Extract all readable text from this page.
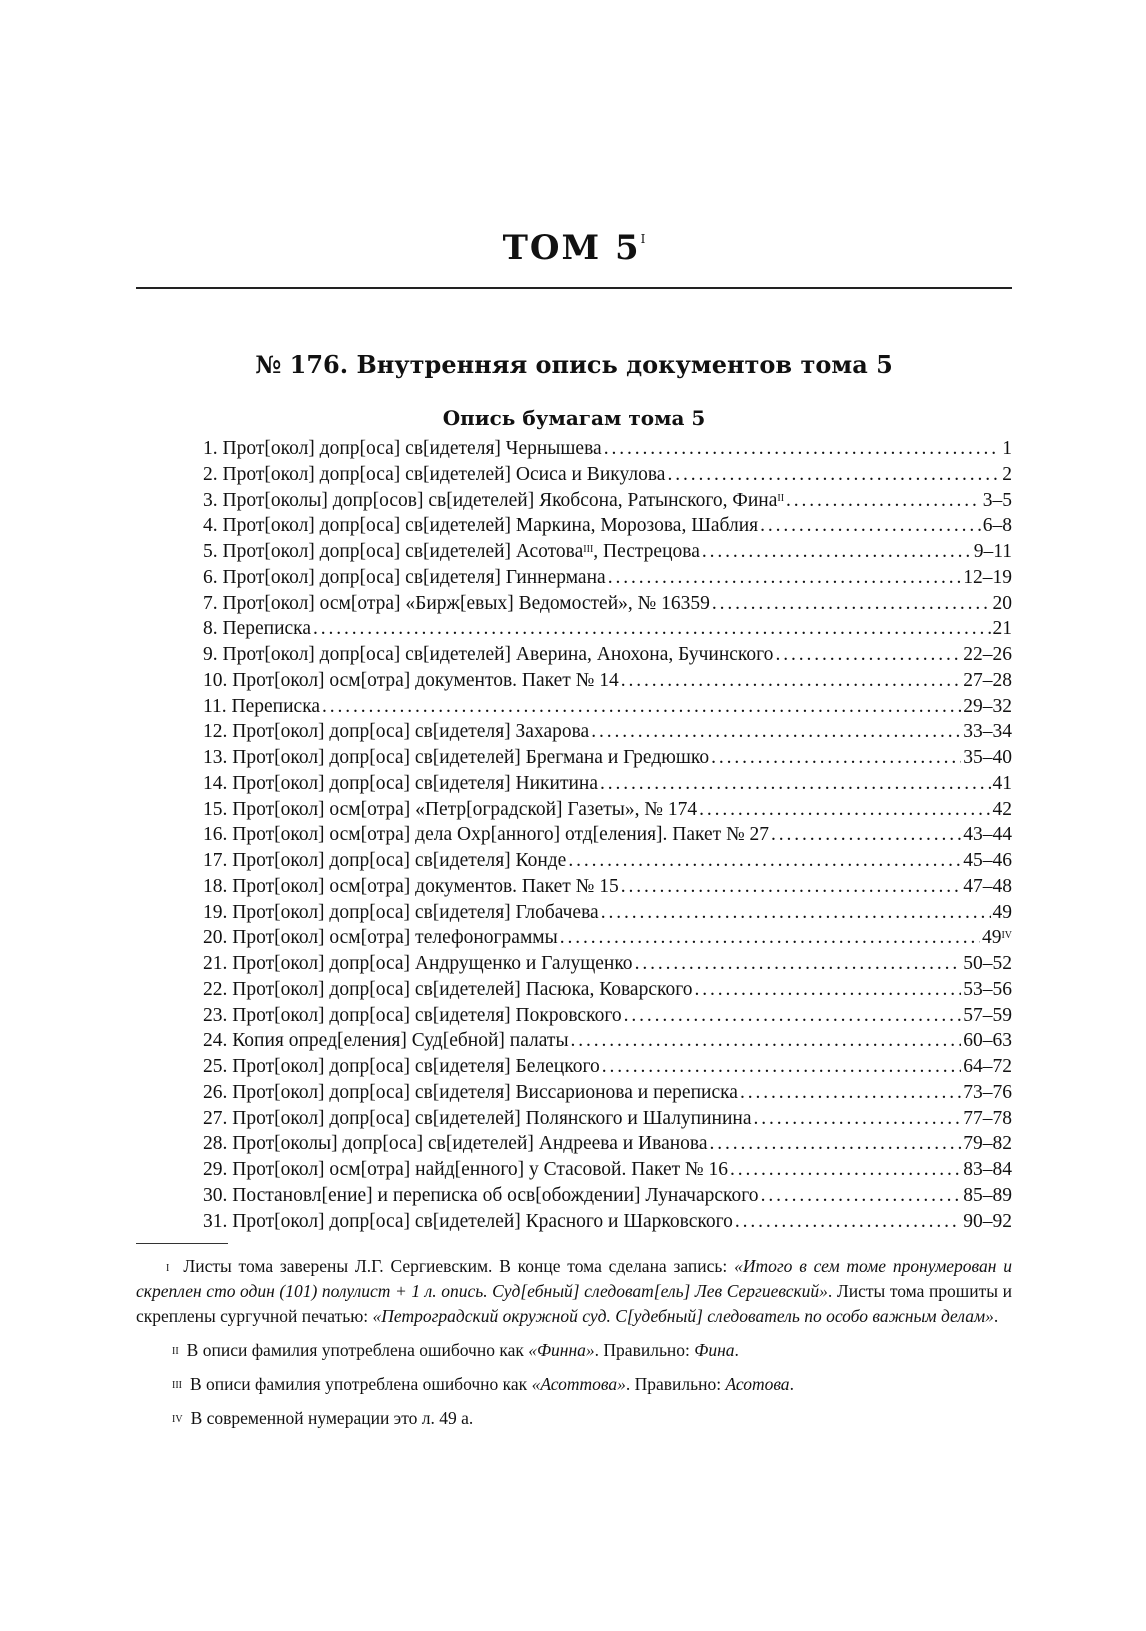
ТОМ $5^I$
№ 176. Внутренняя опись документов тома 5
Опись бумагам тома 5
1. Прот[окол] допр[оса] св[идетеля] Чернышева . . .	1
2. Прот[окол] допр[оса] св[идетелей] Осиса и Викулова . . .	2
3. Прот[околы] допр[осов] св[идетелей] Якобсона, Ратынского, Фина$^{II}$ . . .	3–5
4. Прот[окол] допр[оса] св[идетелей] Маркина, Морозова, Шаблия . . .	6–8
5. Прот[окол] допр[оса] св[идетелей] Асотова$^{III}$, Пестрецова . . .	9–11
6. Прот[окол] допр[оса] св[идетеля] Гиннермана . . .	12–19
7. Прот[окол] осм[отра] «Бирж[евых] Ведомостей», № 16359 . . .	20
8. Переписка . . .	21
9. Прот[окол] допр[оса] св[идетелей] Аверина, Анохона, Бучинского . . .	22–26
10. Прот[окол] осм[отра] документов. Пакет № 14 . . .	27–28
11. Переписка . . .	29–32
12. Прот[окол] допр[оса] св[идетеля] Захарова . . .	33–34
13. Прот[окол] допр[оса] св[идетелей] Брегмана и Гредюшко . . .	35–40
14. Прот[окол] допр[оса] св[идетеля] Никитина . . .	41
15. Прот[окол] осм[отра] «Петр[оградской] Газеты», № 174 . . .	42
16. Прот[окол] осм[отра] дела Охр[анного] отд[еления]. Пакет № 27 . . .	43–44
17. Прот[окол] допр[оса] св[идетеля] Конде . . .	45–46
18. Прот[окол] осм[отра] документов. Пакет № 15 . . .	47–48
19. Прот[окол] допр[оса] св[идетеля] Глобачева . . .	49
20. Прот[окол] осм[отра] телефонограммы . . .	$49^{IV}$
21. Прот[окол] допр[оса] Андрущенко и Галущенко . . .	50–52
22. Прот[окол] допр[оса] св[идетелей] Пасюка, Коварского . . .	53–56
23. Прот[окол] допр[оса] св[идетеля] Покровского . . .	57–59
24. Копия опред[еления] Суд[ебной] палаты . . .	60–63
25. Прот[окол] допр[оса] св[идетеля] Белецкого . . .	64–72
26. Прот[окол] допр[оса] св[идетеля] Виссарионова и переписка . . .	73–76
27. Прот[окол] допр[оса] св[идетелей] Полянского и Шалупинина . . .	77–78
28. Прот[околы] допр[оса] св[идетелей] Андреева и Иванова . . .	79–82
29. Прот[окол] осм[отра] найд[енного] у Стасовой. Пакет № 16 . . .	83–84
30. Постановл[ение] и переписка об осв[обождении] Луначарского . . .	85–89
31. Прот[окол] допр[оса] св[идетелей] Красного и Шарковского . . .	90–92
$^I$ Листы тома заверены Л.Г. Сергиевским. В конце тома сделана запись: «Итого в сем томе пронумерован и скреплен сто один (101) полулист + 1 л. опись. Суд[ебный] следоват[ель] Лев Сергиевский». Листы тома прошиты и скреплены сургучной печатью: «Петроградский окружной суд. С[удебный] следователь по особо важным делам».
$^{II}$ В описи фамилия употреблена ошибочно как «Финна». Правильно: Фина.
$^{III}$ В описи фамилия употреблена ошибочно как «Асоттова». Правильно: Асотова.
$^{IV}$ В современной нумерации это л. 49 а.
